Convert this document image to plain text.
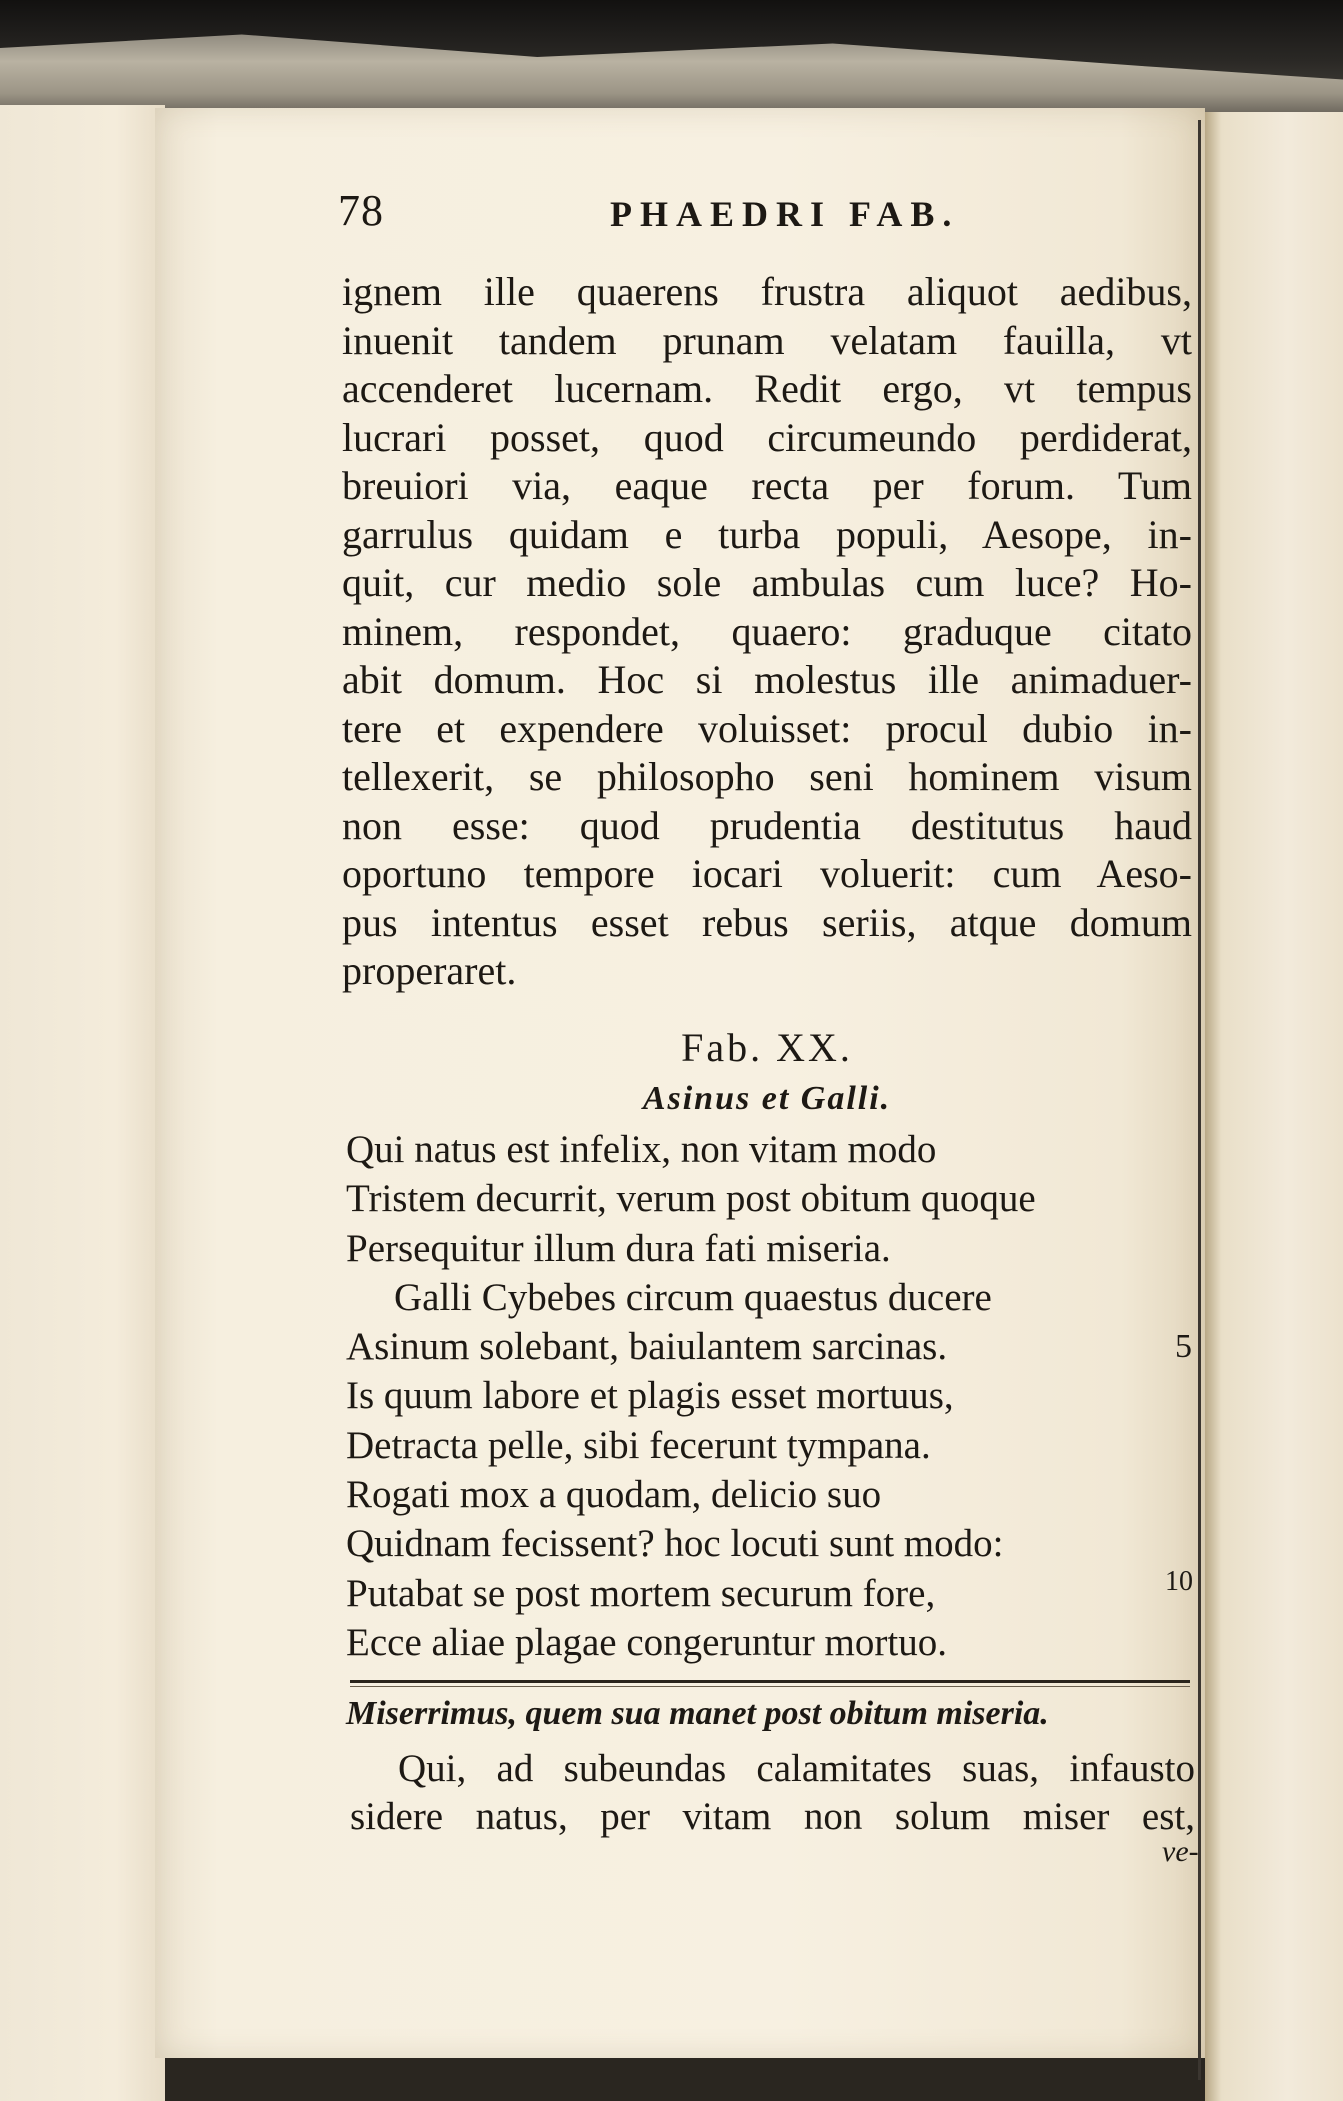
78	PHAEDRI FAB.
ignem ille quaerens frustra aliquot aedibus,
inuenit tandem prunam velatam fauilla, vt
accenderet lucernam. Redit ergo, vt tempus
lucrari posset, quod circumeundo perdiderat,
breuiori via, eaque recta per forum. Tum
garrulus quidam e turba populi, Aesope, in-
quit, cur medio sole ambulas cum luce? Ho-
minem, respondet, quaero: graduque citato
abit domum. Hoc si molestus ille animaduer-
tere et expendere voluisset: procul dubio in-
tellexerit, se philosopho seni hominem visum
non esse: quod prudentia destitutus haud
oportuno tempore iocari voluerit: cum Aeso-
pus intentus esset rebus seriis, atque domum
properaret.
Fab. XX.
Asinus et Galli.
Qui natus est infelix, non vitam modo
Tristem decurrit, verum post obitum quoque
Persequitur illum dura fati miseria.
Galli Cybebes circum quaestus ducere
Asinum solebant, baiulantem sarcinas.
Is quum labore et plagis esset mortuus,
Detracta pelle, sibi fecerunt tympana.
Rogati mox a quodam, delicio suo
Quidnam fecissent? hoc locuti sunt modo:
Putabat se post mortem securum fore,
Ecce aliae plagae congeruntur mortuo.
5
10
Miserrimus, quem sua manet post obitum miseria.
Qui, ad subeundas calamitates suas, infausto
sidere natus, per vitam non solum miser est,
ve-
